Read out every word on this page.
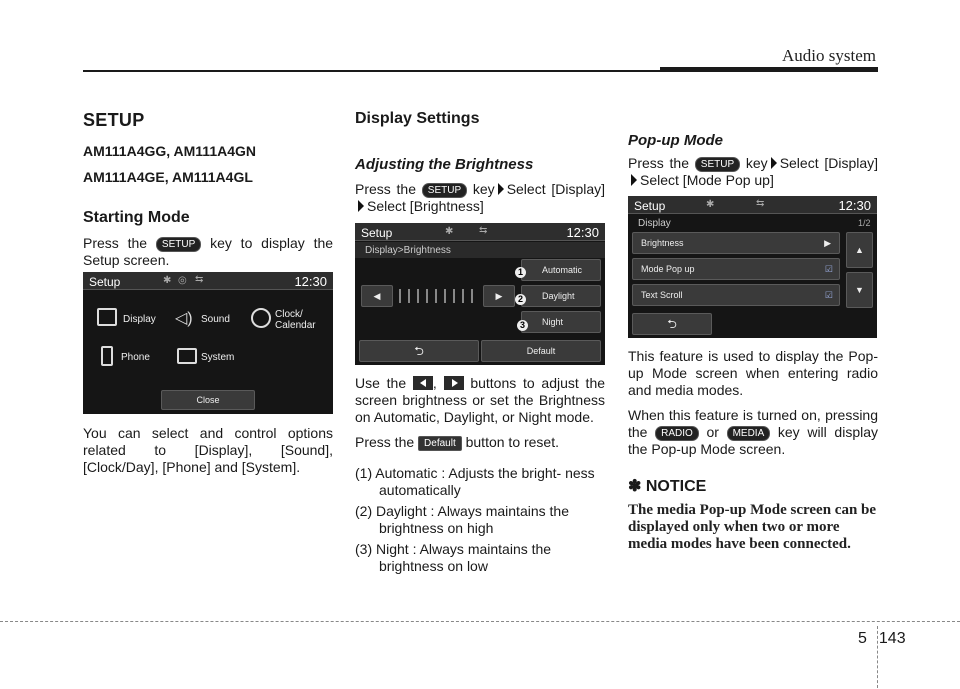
Audio system
SETUP
AM111A4GG, AM111A4GN
AM111A4GE, AM111A4GL
Starting Mode

Press the SETUP key to display the Setup screen.

Setup	✱ ◎ ⇆	12:30
Display ◁) Sound	Clock/
Calendar
Phone	System
Close

You can select and control options related to [Display], [Sound], [Clock/Day], [Phone] and [System].

Display Settings
Adjusting the Brightness

Press the SETUP key Select [Display]Select [Brightness]

Setup	✱	⇆	12:30
Display>Brightness
◀	▶
Automatic
Daylight
Night
1
2
3
⮌	Default

Use the , buttons to adjust the screen brightness or set the Brightness on Automatic, Daylight, or Night mode.

Press the Default button to reset.

(1) Automatic : Adjusts the bright- ness automatically
(2) Daylight : Always maintains the brightness on high
(3) Night : Always maintains the brightness on low
Pop-up Mode

Press the SETUP key Select [Display]Select [Mode Pop up]

Setup	✱	⇆	12:30
Display	1/2
Brightness	▶
Mode Pop up	☑
Text Scroll	☑
▲
▼
⮌

This feature is used to display the Pop-up Mode screen when entering radio and media modes.

When this feature is turned on, pressing the RADIO or MEDIA key will display the Pop-up Mode screen.

✽ NOTICE
The media Pop-up Mode screen can be displayed only when two or more media modes have been connected.
5 143
